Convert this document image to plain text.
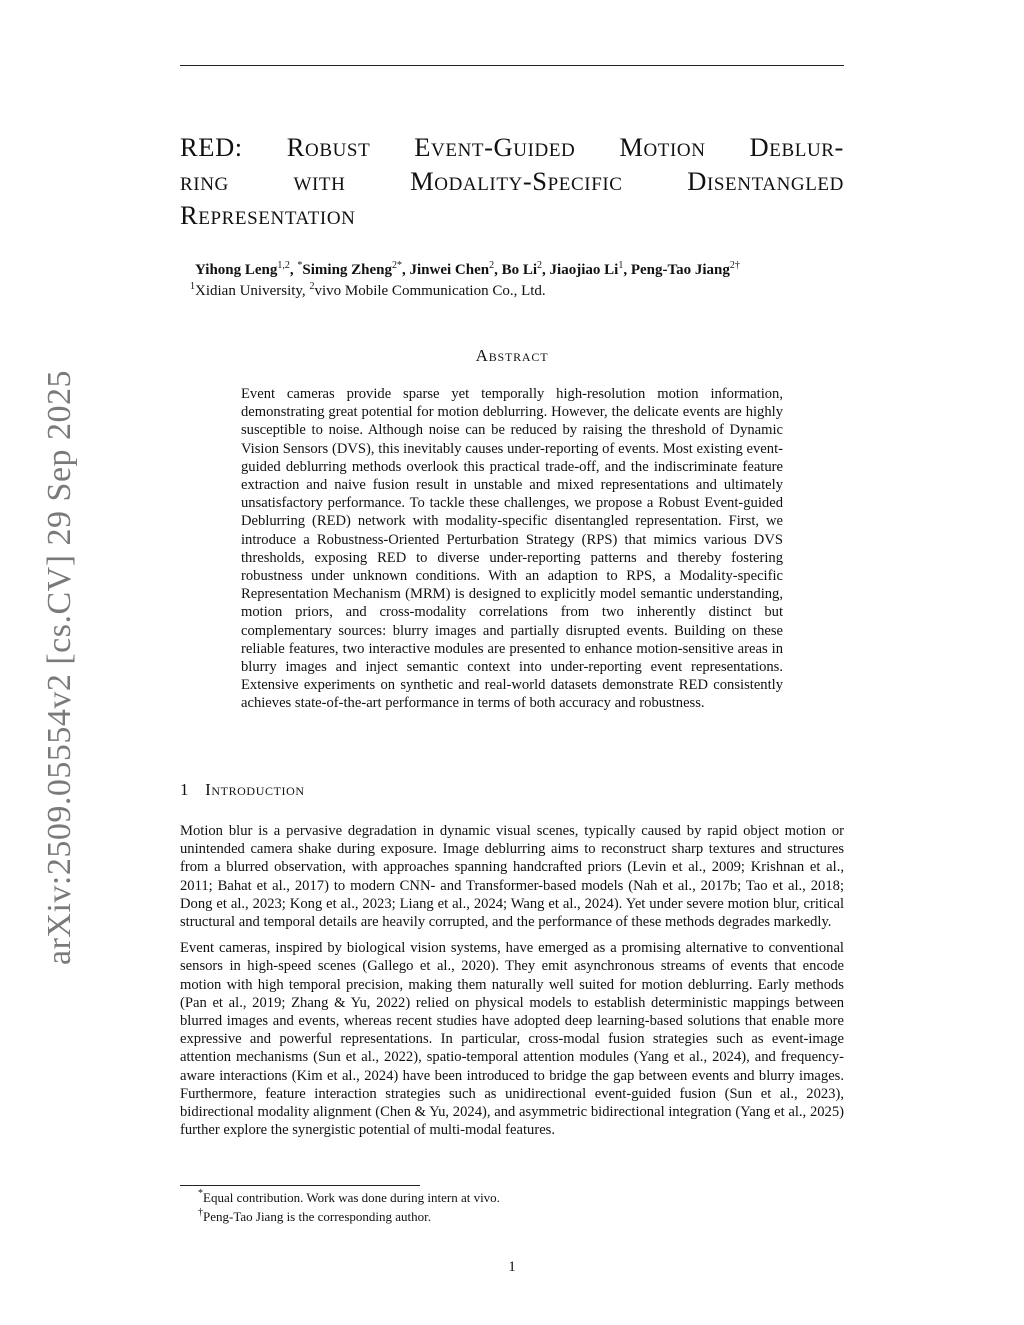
arXiv:2509.05554v2 [cs.CV] 29 Sep 2025
RED: Robust Event-Guided Motion Deblur-
ring with Modality-Specific Disentangled
Representation
Yihong Leng$^{1,2}$, *Siming Zheng$^{2*}$, Jinwei Chen$^2$, Bo Li$^2$, Jiaojiao Li$^1$, Peng-Tao Jiang$^{2\dagger}$
$^1$Xidian University, $^2$vivo Mobile Communication Co., Ltd.
Abstract
Event cameras provide sparse yet temporally high-resolution motion information, demonstrating great potential for motion deblurring. However, the delicate events are highly susceptible to noise. Although noise can be reduced by raising the threshold of Dynamic Vision Sensors (DVS), this inevitably causes under-reporting of events. Most existing event-guided deblurring methods overlook this practical trade-off, and the indiscriminate feature extraction and naive fusion result in unstable and mixed representations and ultimately unsatisfactory performance. To tackle these challenges, we propose a Robust Event-guided Deblurring (RED) network with modality-specific disentangled representation. First, we introduce a Robustness-Oriented Perturbation Strategy (RPS) that mimics various DVS thresholds, exposing RED to diverse under-reporting patterns and thereby fostering robustness under unknown conditions. With an adaption to RPS, a Modality-specific Representation Mechanism (MRM) is designed to explicitly model semantic understanding, motion priors, and cross-modality correlations from two inherently distinct but complementary sources: blurry images and partially disrupted events. Building on these reliable features, two interactive modules are presented to enhance motion-sensitive areas in blurry images and inject semantic context into under-reporting event representations. Extensive experiments on synthetic and real-world datasets demonstrate RED consistently achieves state-of-the-art performance in terms of both accuracy and robustness.
1 Introduction

Motion blur is a pervasive degradation in dynamic visual scenes, typically caused by rapid object motion or unintended camera shake during exposure. Image deblurring aims to reconstruct sharp textures and structures from a blurred observation, with approaches spanning handcrafted priors (Levin et al., 2009; Krishnan et al., 2011; Bahat et al., 2017) to modern CNN- and Transformer-based models (Nah et al., 2017b; Tao et al., 2018; Dong et al., 2023; Kong et al., 2023; Liang et al., 2024; Wang et al., 2024). Yet under severe motion blur, critical structural and temporal details are heavily corrupted, and the performance of these methods degrades markedly.

Event cameras, inspired by biological vision systems, have emerged as a promising alternative to conventional sensors in high-speed scenes (Gallego et al., 2020). They emit asynchronous streams of events that encode motion with high temporal precision, making them naturally well suited for motion deblurring. Early methods (Pan et al., 2019; Zhang & Yu, 2022) relied on physical models to establish deterministic mappings between blurred images and events, whereas recent studies have adopted deep learning-based solutions that enable more expressive and powerful representations. In particular, cross-modal fusion strategies such as event-image attention mechanisms (Sun et al., 2022), spatio-temporal attention modules (Yang et al., 2024), and frequency-aware interactions (Kim et al., 2024) have been introduced to bridge the gap between events and blurry images. Furthermore, feature interaction strategies such as unidirectional event-guided fusion (Sun et al., 2023), bidirectional modality alignment (Chen & Yu, 2024), and asymmetric bidirectional integration (Yang et al., 2025) further explore the synergistic potential of multi-modal features.

*Equal contribution. Work was done during intern at vivo.
†Peng-Tao Jiang is the corresponding author.
1
